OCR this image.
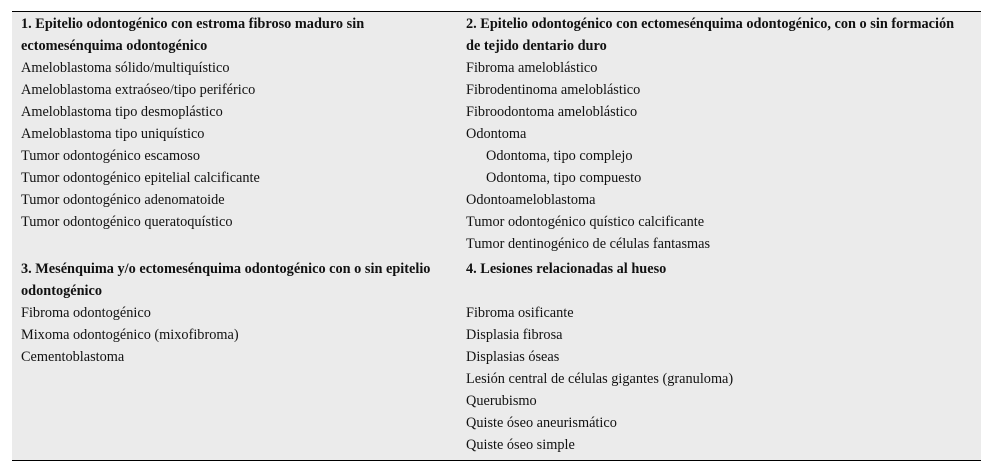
1. Epitelio odontogénico con estroma fibroso maduro sin ectomesénquima odontogénico
Ameloblastoma sólido/multiquístico
Ameloblastoma extraóseo/tipo periférico
Ameloblastoma tipo desmoplástico
Ameloblastoma tipo uniquístico
Tumor odontogénico escamoso
Tumor odontogénico epitelial calcificante
Tumor odontogénico adenomatoide
Tumor odontogénico queratoquístico
2. Epitelio odontogénico con ectomesénquima odontogénico, con o sin formación de tejido dentario duro
Fibroma ameloblástico
Fibrodentinoma ameloblástico
Fibroodontoma ameloblástico
Odontoma
Odontoma, tipo complejo
Odontoma, tipo compuesto
Odontoameloblastoma
Tumor odontogénico quístico calcificante
Tumor dentinogénico de células fantasmas
3. Mesénquima y/o ectomesénquima odontogénico con o sin epitelio odontogénico
Fibroma odontogénico
Mixoma odontogénico (mixofibroma)
Cementoblastoma
4. Lesiones relacionadas al hueso
Fibroma osificante
Displasia fibrosa
Displasias óseas
Lesión central de células gigantes (granuloma)
Querubismo
Quiste óseo aneurismático
Quiste óseo simple
